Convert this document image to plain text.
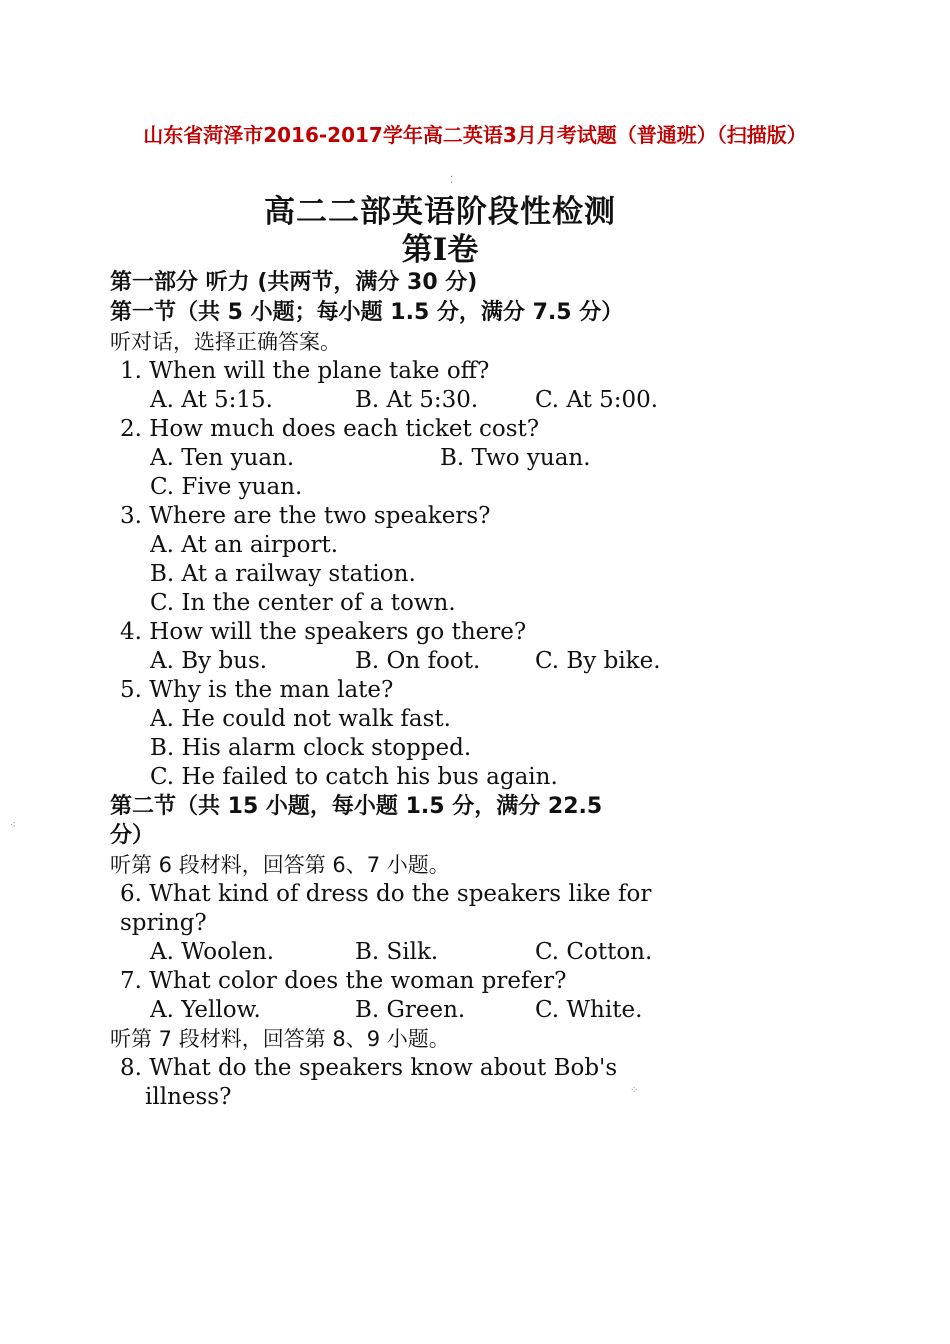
山东省菏泽市2016-2017学年高二英语3月月考试题（普通班）（扫描版）
高二二部英语阶段性检测
第I卷
第一部分 听力 (共两节，满分 30 分)
第一节（共 5 小题；每小题 1.5 分，满分 7.5 分）
听对话，选择正确答案。
1. When will the plane take off?
A. At 5:15.	B. At 5:30. C. At 5:00.
2. How much does each ticket cost?
A. Ten yuan.	B. Two yuan.
C. Five yuan.
3. Where are the two speakers?
A. At an airport.
B. At a railway station.
C. In the center of a town.
4. How will the speakers go there?
A. By bus.	B. On foot. C. By bike.
5. Why is the man late?
A. He could not walk fast.
B. His alarm clock stopped.
C. He failed to catch his bus again.
第二节（共 15 小题，每小题 1.5 分，满分 22.5
分）
听第 6 段材料，回答第 6、7 小题。
6. What kind of dress do the speakers like for
spring?
A. Woolen.	B. Silk.	C. Cotton.
7. What color does the woman prefer?
A. Yellow.	B. Green.	C. White.
听第 7 段材料，回答第 8、9 小题。
8. What do the speakers know about Bob's
illness?
⁚
⁖
⁘
